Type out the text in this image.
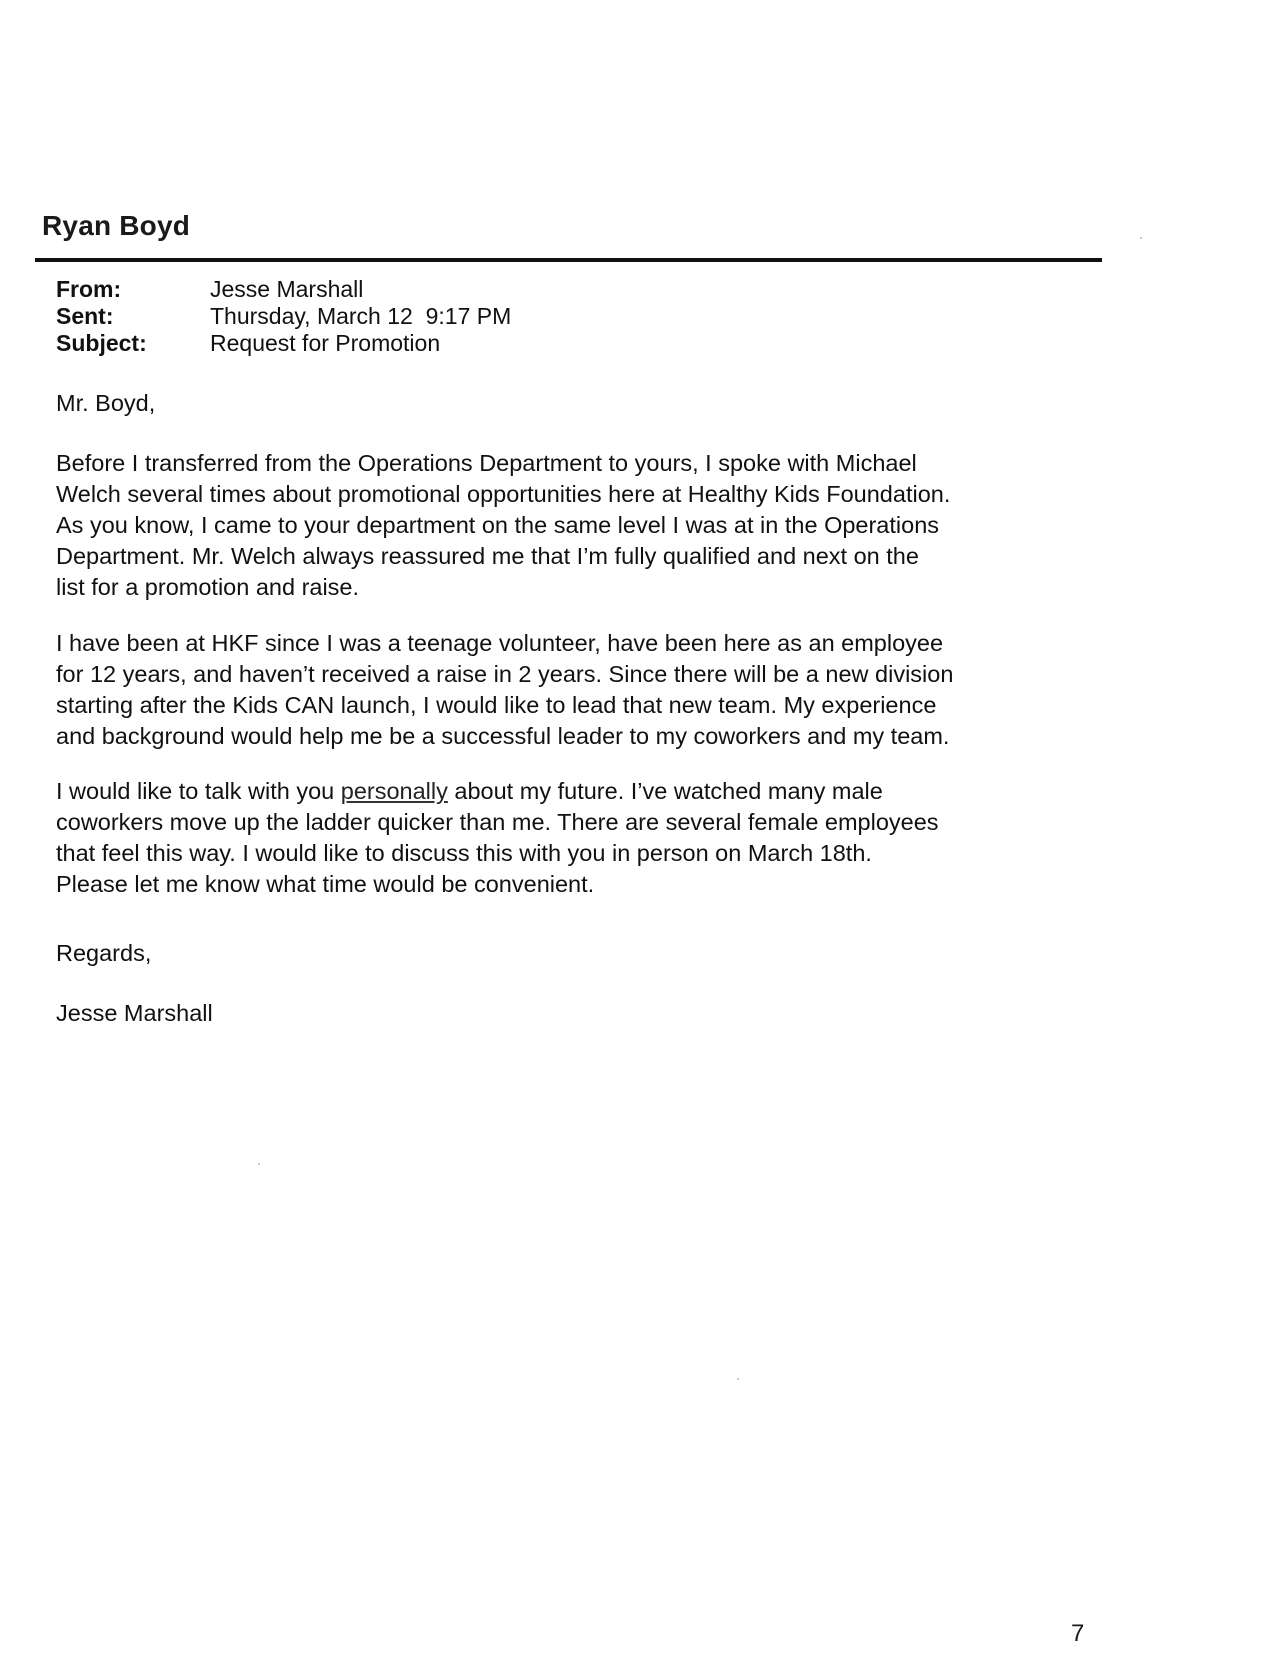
Ryan Boyd
From:	Jesse Marshall
Sent:	Thursday, March 12  9:17 PM
Subject:	Request for Promotion
Mr. Boyd,
Before I transferred from the Operations Department to yours, I spoke with Michael
Welch several times about promotional opportunities here at Healthy Kids Foundation.
As you know, I came to your department on the same level I was at in the Operations
Department. Mr. Welch always reassured me that I’m fully qualified and next on the
list for a promotion and raise.
I have been at HKF since I was a teenage volunteer, have been here as an employee
for 12 years, and haven’t received a raise in 2 years. Since there will be a new division
starting after the Kids CAN launch, I would like to lead that new team. My experience
and background would help me be a successful leader to my coworkers and my team.
I would like to talk with you personally about my future. I’ve watched many male
coworkers move up the ladder quicker than me. There are several female employees
that feel this way. I would like to discuss this with you in person on March 18th.
Please let me know what time would be convenient.
Regards,
Jesse Marshall
7
